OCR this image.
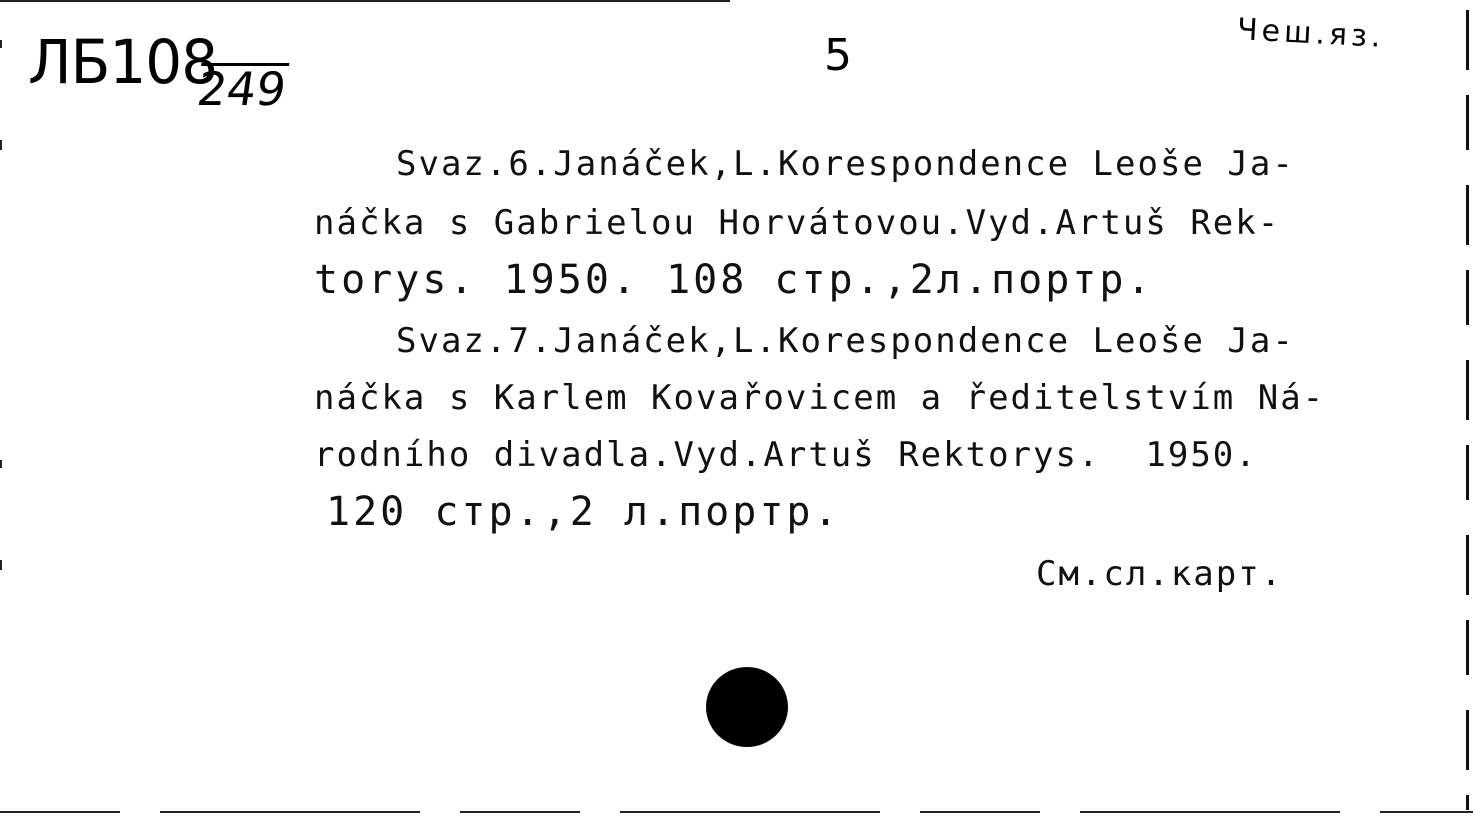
ЛБ108
249
5	Чеш.яз.
Svaz.6.Janáček,L.Korespondence Leoše Ja-
náčka s Gabrielou Horvátovou.Vyd.Artuš Rek-
torys. 1950. 108 стр.,2л.портр.
Svaz.7.Janáček,L.Korespondence Leoše Ja-
náčka s Karlem Kovařovicem a ředitelstvím Ná-
rodního divadla.Vyd.Artuš Rektorys.  1950.
120 стр.,2 л.портр.
См.сл.карт.
